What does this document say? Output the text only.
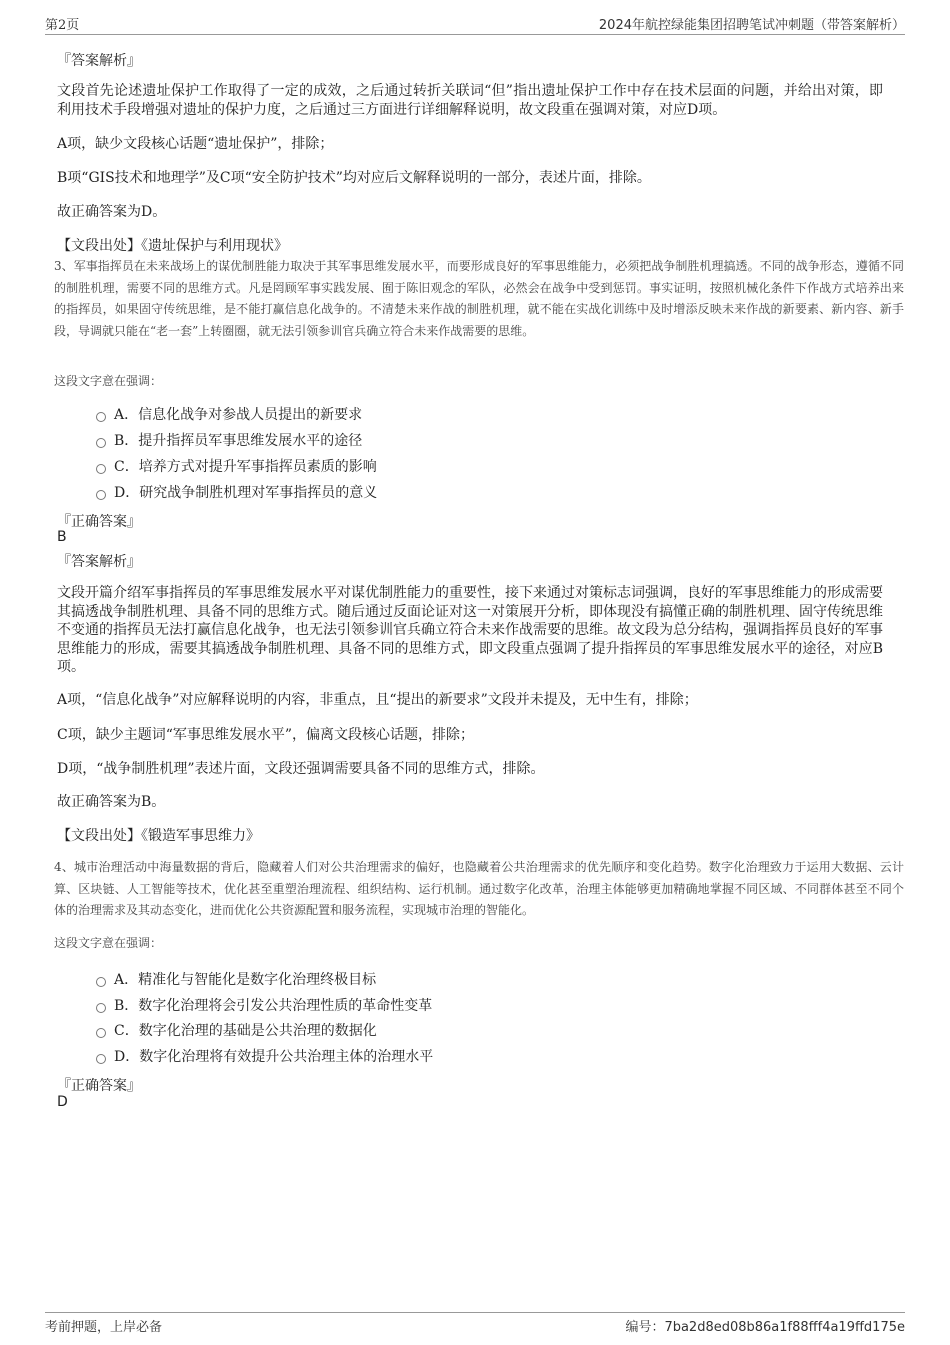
第2页	2024年航控绿能集团招聘笔试冲刺题（带答案解析）
『答案解析』
文段首先论述遗址保护工作取得了一定的成效，之后通过转折关联词“但”指出遗址保护工作中存在技术层面的问题，并给出对策，即利用技术手段增强对遗址的保护力度，之后通过三方面进行详细解释说明，故文段重在强调对策，对应D项。
A项，缺少文段核心话题“遗址保护”，排除；
B项“GIS技术和地理学”及C项“安全防护技术”均对应后文解释说明的一部分，表述片面，排除。
故正确答案为D。
【文段出处】《遗址保护与利用现状》
3、军事指挥员在未来战场上的谋优制胜能力取决于其军事思维发展水平，而要形成良好的军事思维能力，必须把战争制胜机理搞透。不同的战争形态，遵循不同的制胜机理，需要不同的思维方式。凡是罔顾军事实践发展、囿于陈旧观念的军队，必然会在战争中受到惩罚。事实证明，按照机械化条件下作战方式培养出来的指挥员，如果固守传统思维，是不能打赢信息化战争的。不清楚未来作战的制胜机理，就不能在实战化训练中及时增添反映未来作战的新要素、新内容、新手段，导调就只能在“老一套”上转圈圈，就无法引领参训官兵确立符合未来作战需要的思维。
这段文字意在强调：
A．信息化战争对参战人员提出的新要求
B．提升指挥员军事思维发展水平的途径
C．培养方式对提升军事指挥员素质的影响
D．研究战争制胜机理对军事指挥员的意义
『正确答案』
B
『答案解析』
文段开篇介绍军事指挥员的军事思维发展水平对谋优制胜能力的重要性，接下来通过对策标志词强调，良好的军事思维能力的形成需要其搞透战争制胜机理、具备不同的思维方式。随后通过反面论证对这一对策展开分析，即体现没有搞懂正确的制胜机理、固守传统思维不变通的指挥员无法打赢信息化战争，也无法引领参训官兵确立符合未来作战需要的思维。故文段为总分结构，强调指挥员良好的军事思维能力的形成，需要其搞透战争制胜机理、具备不同的思维方式，即文段重点强调了提升指挥员的军事思维发展水平的途径，对应B项。
A项，“信息化战争”对应解释说明的内容，非重点，且“提出的新要求”文段并未提及，无中生有，排除；
C项，缺少主题词“军事思维发展水平”，偏离文段核心话题，排除；
D项，“战争制胜机理”表述片面，文段还强调需要具备不同的思维方式，排除。
故正确答案为B。
【文段出处】《锻造军事思维力》
4、城市治理活动中海量数据的背后，隐藏着人们对公共治理需求的偏好，也隐藏着公共治理需求的优先顺序和变化趋势。数字化治理致力于运用大数据、云计算、区块链、人工智能等技术，优化甚至重塑治理流程、组织结构、运行机制。通过数字化改革，治理主体能够更加精确地掌握不同区域、不同群体甚至不同个体的治理需求及其动态变化，进而优化公共资源配置和服务流程，实现城市治理的智能化。
这段文字意在强调：
A．精准化与智能化是数字化治理终极目标
B．数字化治理将会引发公共治理性质的革命性变革
C．数字化治理的基础是公共治理的数据化
D．数字化治理将有效提升公共治理主体的治理水平
『正确答案』
D
考前押题，上岸必备	编号：7ba2d8ed08b86a1f88fff4a19ffd175e
